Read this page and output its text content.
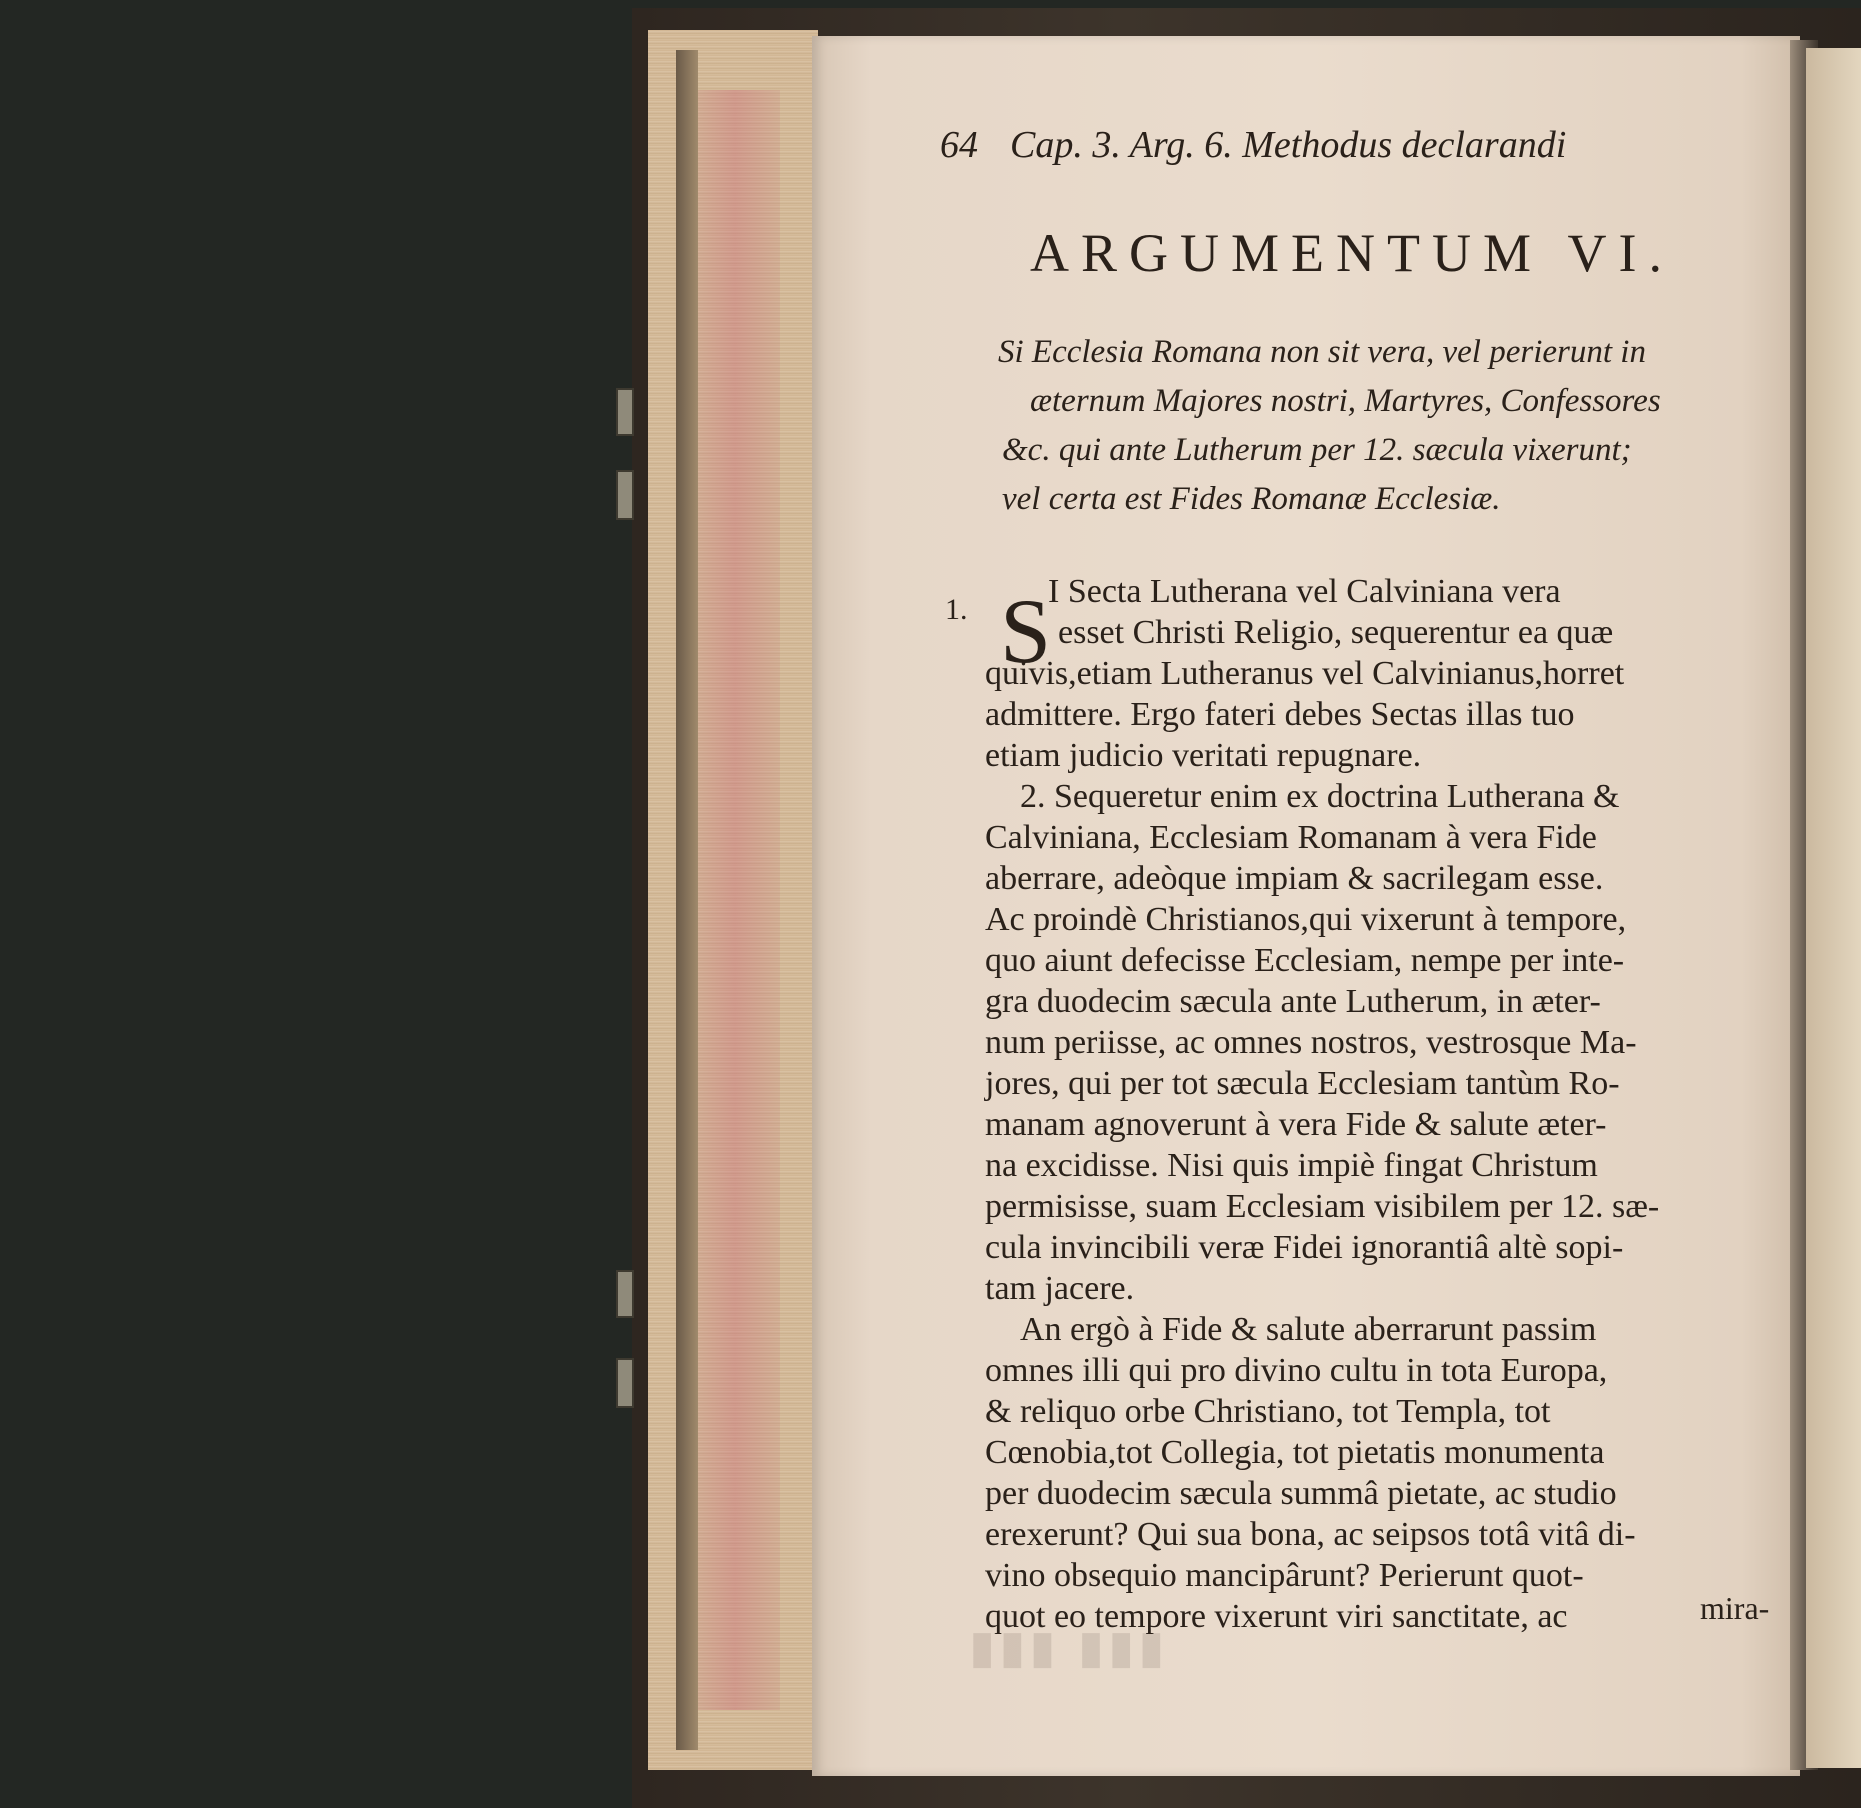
64 Cap. 3. Arg. 6. Methodus declarandi
ARGUMENTUM VI.
Si Ecclesia Romana non sit vera, vel perierunt in
æternum Majores nostri, Martyres, Confessores
&c. qui ante Lutherum per 12. sæcula vixerunt;
vel certa est Fides Romanæ Ecclesiæ.
1. S
I Secta Lutherana vel Calviniana vera
esset Christi Religio, sequerentur ea quæ
quivis,etiam Lutheranus vel Calvinianus,horret
admittere. Ergo fateri debes Sectas illas tuo
etiam judicio veritati repugnare.
2. Sequeretur enim ex doctrina Lutherana &
Calviniana, Ecclesiam Romanam à vera Fide
aberrare, adeòque impiam & sacrilegam esse.
Ac proindè Christianos,qui vixerunt à tempore,
quo aiunt defecisse Ecclesiam, nempe per inte-
gra duodecim sæcula ante Lutherum, in æter-
num periisse, ac omnes nostros, vestrosque Ma-
jores, qui per tot sæcula Ecclesiam tantùm Ro-
manam agnoverunt à vera Fide & salute æter-
na excidisse. Nisi quis impiè fingat Christum
permisisse, suam Ecclesiam visibilem per 12. sæ-
cula invincibili veræ Fidei ignorantiâ altè sopi-
tam jacere.
An ergò à Fide & salute aberrarunt passim
omnes illi qui pro divino cultu in tota Europa,
& reliquo orbe Christiano, tot Templa, tot
Cœnobia,tot Collegia, tot pietatis monumenta
per duodecim sæcula summâ pietate, ac studio
erexerunt? Qui sua bona, ac seipsos totâ vitâ di-
vino obsequio mancipârunt? Perierunt quot-
quot eo tempore vixerunt viri sanctitate, ac	mira-
▮▮▮ ▮▮▮
